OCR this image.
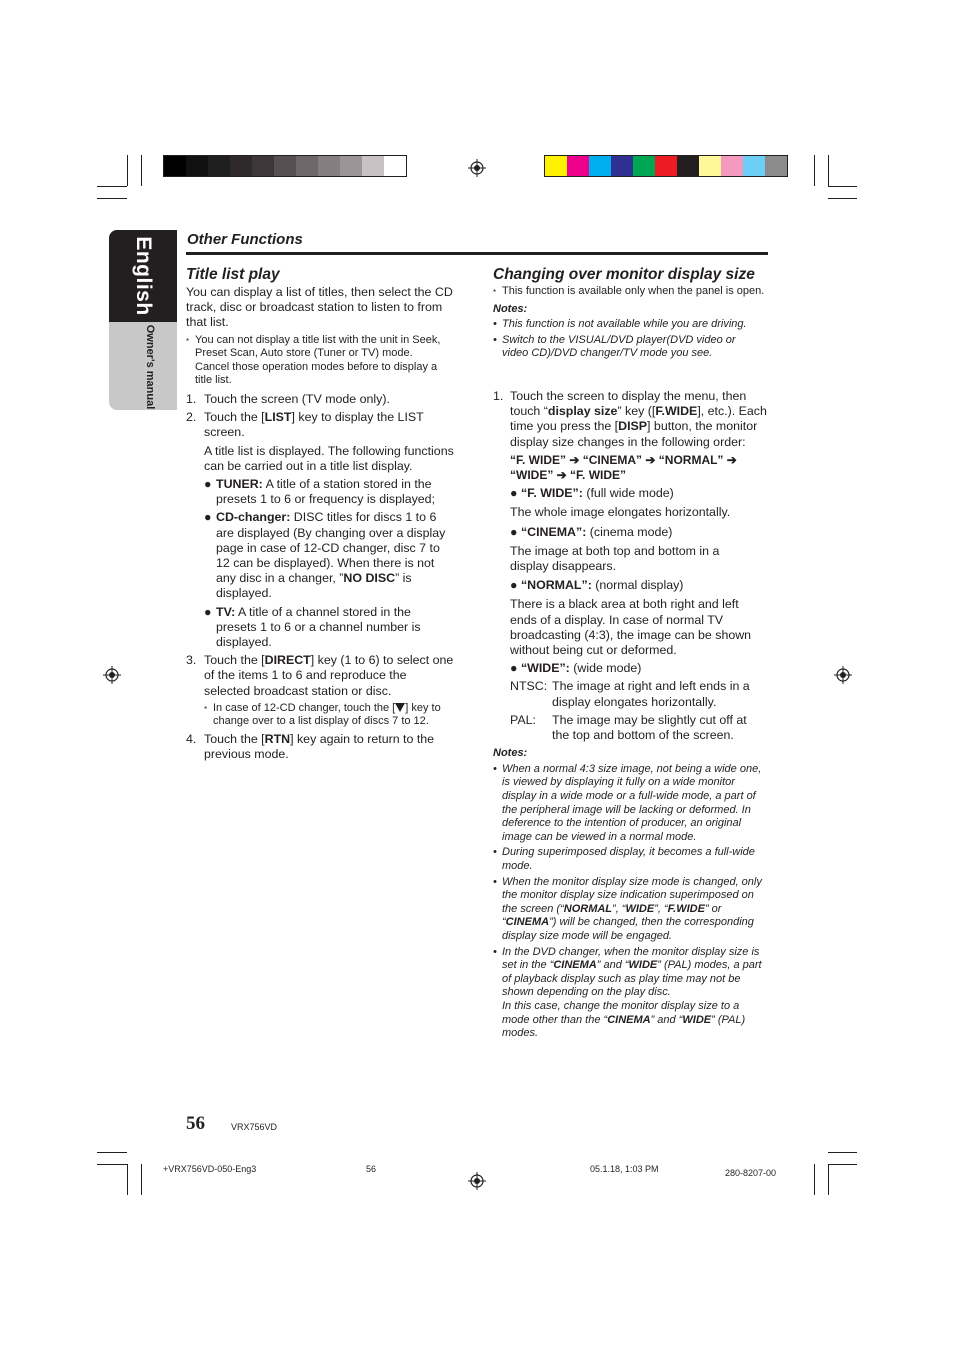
English
Owner's manual
Other Functions

Title list play

You can display a list of titles, then select the CD track, disc or broadcast station to listen to from that list.

* You can not display a title list with the unit in Seek, Preset Scan, Auto store (Tuner or TV) mode. Cancel those operation modes before to display a title list.
1. Touch the screen (TV mode only).
2. Touch the [LIST] key to display the LIST screen.

A title list is displayed. The following functions can be carried out in a title list display.

● TUNER: A title of a station stored in the presets 1 to 6 or frequency is displayed;
● CD-changer: DISC titles for discs 1 to 6 are displayed (By changing over a display page in case of 12-CD changer, disc 7 to 12 can be displayed). When there is not any disc in a changer, ”NO DISC” is displayed.
● TV: A title of a channel stored in the presets 1 to 6 or a channel number is displayed.
3. Touch the [DIRECT] key (1 to 6) to select one of the items 1 to 6 and reproduce the selected broadcast station or disc.
* In case of 12-CD changer, touch the [ ] key to change over to a list display of discs 7 to 12.
4. Touch the [RTN] key again to return to the previous mode.

Changing over monitor display size

* This function is available only when the panel is open.

Notes:

• This function is not available while you are driving.
• Switch to the VISUAL/DVD player(DVD video or video CD)/DVD changer/TV mode you see.
1. Touch the screen to display the menu, then touch “display size” key ([F.WIDE], etc.). Each time you press the [DISP] button, the monitor display size changes in the following order:

“F. WIDE” ➔ “CINEMA” ➔ “NORMAL” ➔

“WIDE” ➔ “F. WIDE”

● “F. WIDE”: (full wide mode)

The whole image elongates horizontally.

● “CINEMA”: (cinema mode)

The image at both top and bottom in a display disappears.

● “NORMAL”: (normal display)

There is a black area at both right and left ends of a display. In case of normal TV broadcasting (4:3), the image can be shown without being cut or deformed.

● “WIDE”: (wide mode)

NTSC: The image at right and left ends in a display elongates horizontally.
PAL: The image may be slightly cut off at the top and bottom of the screen.

Notes:

• When a normal 4:3 size image, not being a wide one, is viewed by displaying it fully on a wide monitor display in a wide mode or a full-wide mode, a part of the peripheral image will be lacking or deformed. In deference to the intention of producer, an original image can be viewed in a normal mode.
• During superimposed display, it becomes a full-wide mode.
• When the monitor display size mode is changed, only the monitor display size indication superimposed on the screen (“NORMAL”, “WIDE”, “F.WIDE” or “CINEMA”) will be changed, then the corresponding display size mode will be engaged.
• In the DVD changer, when the monitor display size is set in the “CINEMA” and “WIDE” (PAL) modes, a part of playback display such as play time may not be shown depending on the play disc.
In this case, change the monitor display size to a mode other than the “CINEMA” and “WIDE” (PAL) modes.
56	VRX756VD
+VRX756VD-050-Eng3	56	05.1.18, 1:03 PM	280-8207-00
